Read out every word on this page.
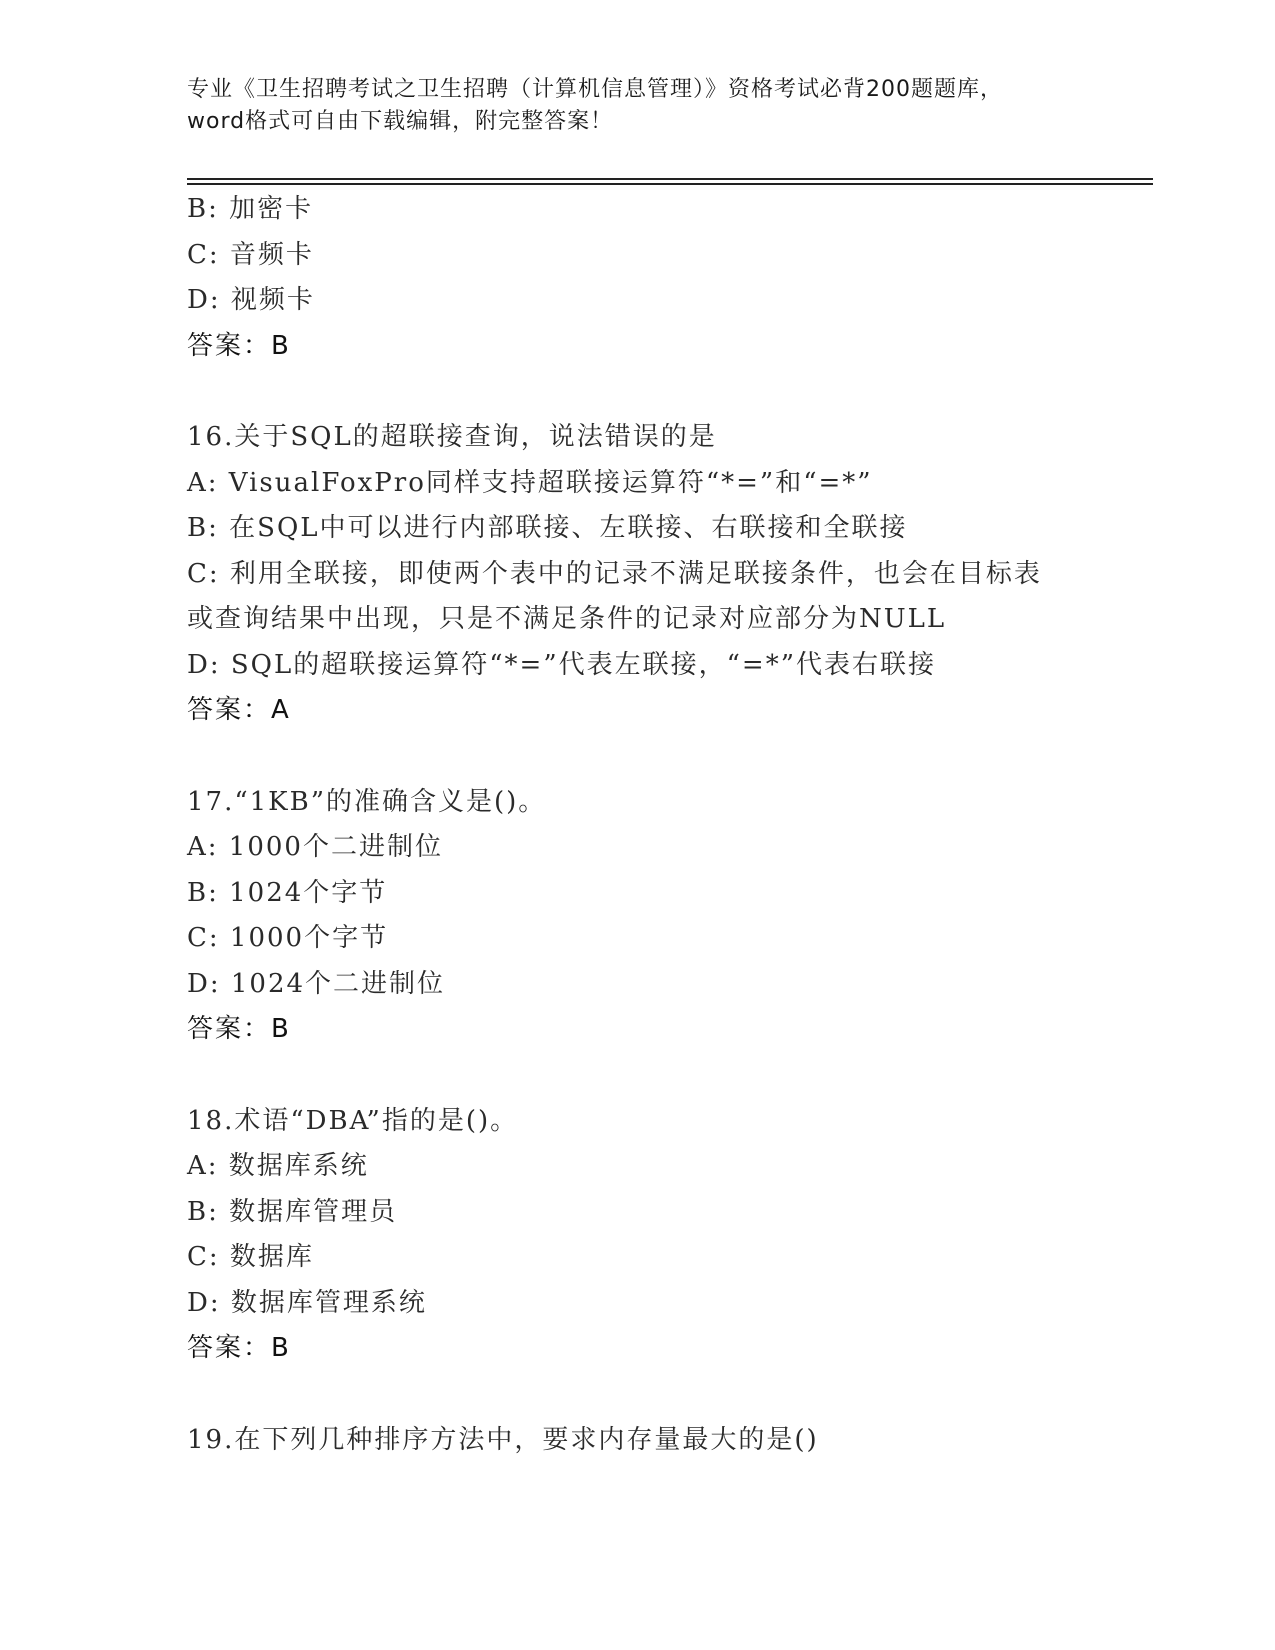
专业《卫生招聘考试之卫生招聘（计算机信息管理）》资格考试必背200题题库，
word格式可自由下载编辑，附完整答案！
B: 加密卡
C: 音频卡
D: 视频卡
答案：B
16.关于SQL的超联接查询，说法错误的是
A: VisualFoxPro同样支持超联接运算符“*=”和“=*”
B: 在SQL中可以进行内部联接、左联接、右联接和全联接
C: 利用全联接，即使两个表中的记录不满足联接条件，也会在目标表
或查询结果中出现，只是不满足条件的记录对应部分为NULL
D: SQL的超联接运算符“*=”代表左联接，“=*”代表右联接
答案：A
17.“1KB”的准确含义是()。
A: 1000个二进制位
B: 1024个字节
C: 1000个字节
D: 1024个二进制位
答案：B
18.术语“DBA”指的是()。
A: 数据库系统
B: 数据库管理员
C: 数据库
D: 数据库管理系统
答案：B
19.在下列几种排序方法中，要求内存量最大的是()
